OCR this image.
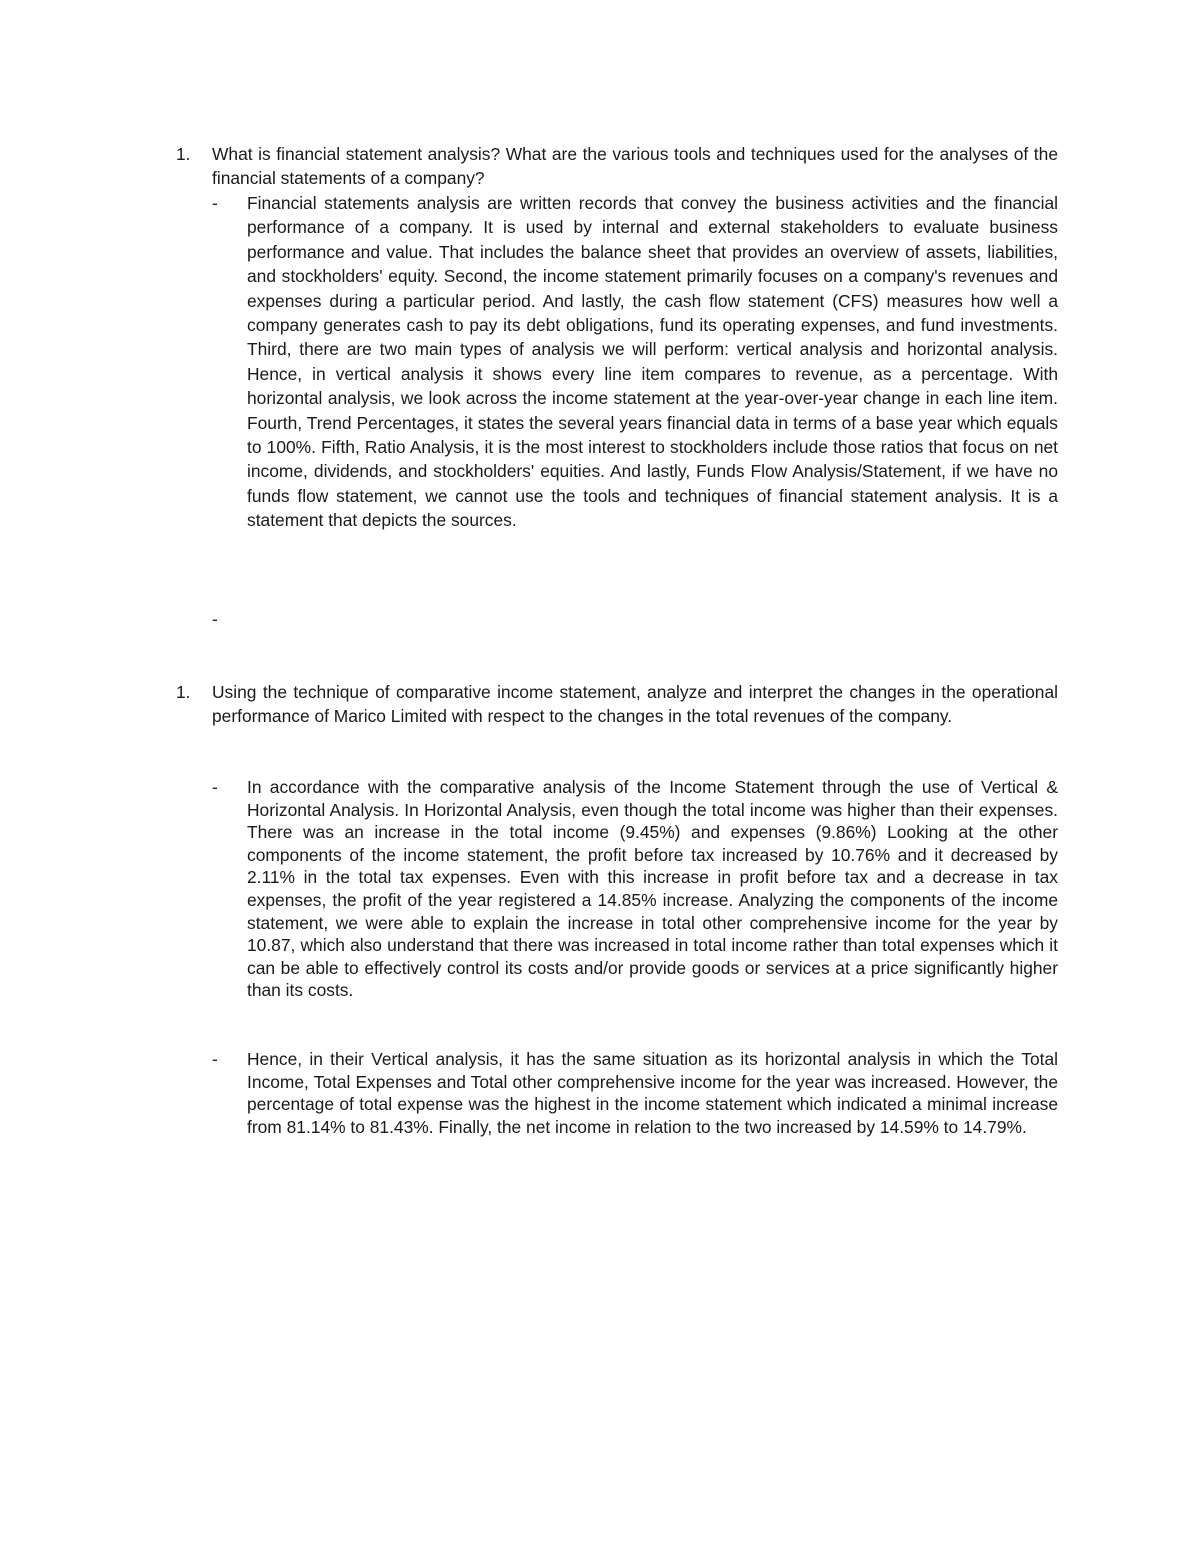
1. What is financial statement analysis? What are the various tools and techniques used for the analyses of the financial statements of a company?
- Financial statements analysis are written records that convey the business activities and the financial performance of a company. It is used by internal and external stakeholders to evaluate business performance and value. That includes the balance sheet that provides an overview of assets, liabilities, and stockholders' equity. Second, the income statement primarily focuses on a company's revenues and expenses during a particular period. And lastly, the cash flow statement (CFS) measures how well a company generates cash to pay its debt obligations, fund its operating expenses, and fund investments. Third, there are two main types of analysis we will perform: vertical analysis and horizontal analysis. Hence, in vertical analysis it shows every line item compares to revenue, as a percentage. With horizontal analysis, we look across the income statement at the year-over-year change in each line item. Fourth, Trend Percentages, it states the several years financial data in terms of a base year which equals to 100%. Fifth, Ratio Analysis, it is the most interest to stockholders include those ratios that focus on net income, dividends, and stockholders' equities. And lastly, Funds Flow Analysis/Statement, if we have no funds flow statement, we cannot use the tools and techniques of financial statement analysis. It is a statement that depicts the sources.
-
1. Using the technique of comparative income statement, analyze and interpret the changes in the operational performance of Marico Limited with respect to the changes in the total revenues of the company.
- In accordance with the comparative analysis of the Income Statement through the use of Vertical & Horizontal Analysis. In Horizontal Analysis, even though the total income was higher than their expenses. There was an increase in the total income (9.45%) and expenses (9.86%) Looking at the other components of the income statement, the profit before tax increased by 10.76% and it decreased by 2.11% in the total tax expenses. Even with this increase in profit before tax and a decrease in tax expenses, the profit of the year registered a 14.85% increase. Analyzing the components of the income statement, we were able to explain the increase in total other comprehensive income for the year by 10.87, which also understand that there was increased in total income rather than total expenses which it can be able to effectively control its costs and/or provide goods or services at a price significantly higher than its costs.
- Hence, in their Vertical analysis, it has the same situation as its horizontal analysis in which the Total Income, Total Expenses and Total other comprehensive income for the year was increased. However, the percentage of total expense was the highest in the income statement which indicated a minimal increase from 81.14% to 81.43%. Finally, the net income in relation to the two increased by 14.59% to 14.79%.
